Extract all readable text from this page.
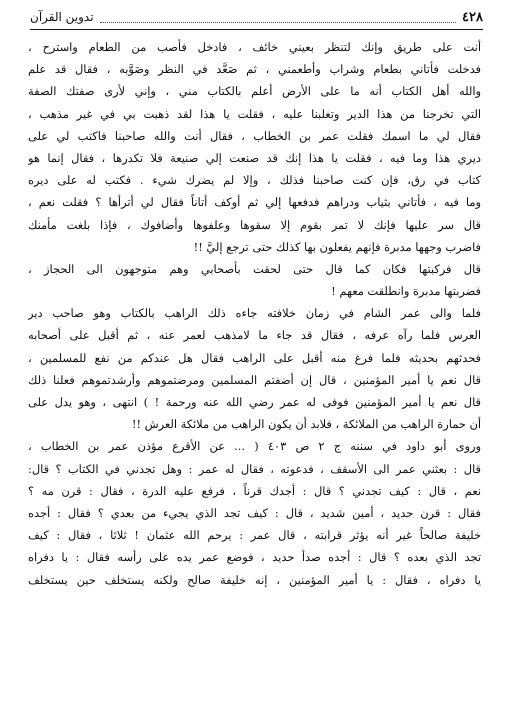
٤٢٨
تدوين القرآن
أنت على طريق وإنك لتنظر بعيني خائف ، فادخل فأصب من الطعام واسترح ،
فدخلت فأتاني بطعام وشراب وأطعمني ، ثم صَعَّد في النظر وصَوَّبه ، فقال قد علم
والله أهل الكتاب أنه ما على الأرض أعلم بالكتاب مني ، وإني لأرى صفتك الصفة
التي تخرجنا من هذا الدير وتغلبنا عليه ، فقلت يا هذا لقد ذهبت بي في غير مذهب ،
فقال لي ما اسمك فقلت عمر بن الخطاب ، فقال أنت والله صاحبنا فاكتب لي على
ديري هذا وما فيه ، فقلت يا هذا إنك قد صنعت إلي صنيعة فلا تكدرها ، فقال إنما هو
كتاب في رق، فإن كنت صاحبنا فذلك ، وإلا لم يضرك شيء . فكتب له على ديره
وما فيه ، فأتاني بثياب ودراهم فدفعها إلي ثم أوكف أتاناً فقال لي أترأها ؟ فقلت نعم ،
قال سر عليها فإنك لا تمر بقوم إلا سقوها وعلفوها وأضافوك ، فإذا بلغت مأمنك
فاضرب وجهها مدبرة فإنهم يفعلون بها كذلك حتى ترجع إليَّ !!
قال فركبتها فكان كما قال حتى لحقت بأصحابي وهم متوجهون الى الحجاز ،
فضربتها مدبرة وانطلقت معهم !
فلما والى عمر الشام في زمان خلافته جاءه ذلك الراهب بالكتاب وهو صاحب دير
العرس فلما رآه عرفه ، فقال قد جاء ما لامذهب لعمر عنه ، ثم أقبل على أصحابه
فحدثهم بحديثه فلما فرغ منه أقبل على الراهب فقال هل عندكم من نفع للمسلمين ،
قال نعم يا أمير المؤمنين ، قال إن أضفتم المسلمين ومرضتموهم وأرشدتموهم فعلنا ذلك
قال نعم يا أمير المؤمنين فوفى له عمر رضي الله عنه ورحمة ! ) انتهى ، وهو يدل على
أن حمارة الراهب من الملائكة ، فلابد أن يكون الراهب من ملائكة العرش !!
وروى أبو داود في سننه ج ٢ ص ٤٠٣ ( ... عن الأقرع مؤذن عمر بن الخطاب ،
قال : بعثني عمر الى الأسقف ، فدعوته ، فقال له عمر : وهل تجدني في الكتاب ؟ قال:
نعم ، قال : كيف تجدني ؟ قال : أجدك قرناً ، فرفع عليه الدرة ، فقال : قرن مه ؟
فقال : قرن حديد ، أمين شديد ، قال : كيف تجد الذي يجيء من بعدي ؟ فقال : أجده
خليفة صالحاً غير أنه يؤثر قرابته ، قال عمر : يرحم الله عثمان ! ثلاثا ، فقال : كيف
تجد الذي بعده ؟ قال : أجده صدأ حديد ، فوضع عمر يده على رأسه فقال : يا دفراه
يا دفراه ، فقال : يا أمير المؤمنين ، إنه خليفة صالح ولكنه يستخلف حين يستخلف
